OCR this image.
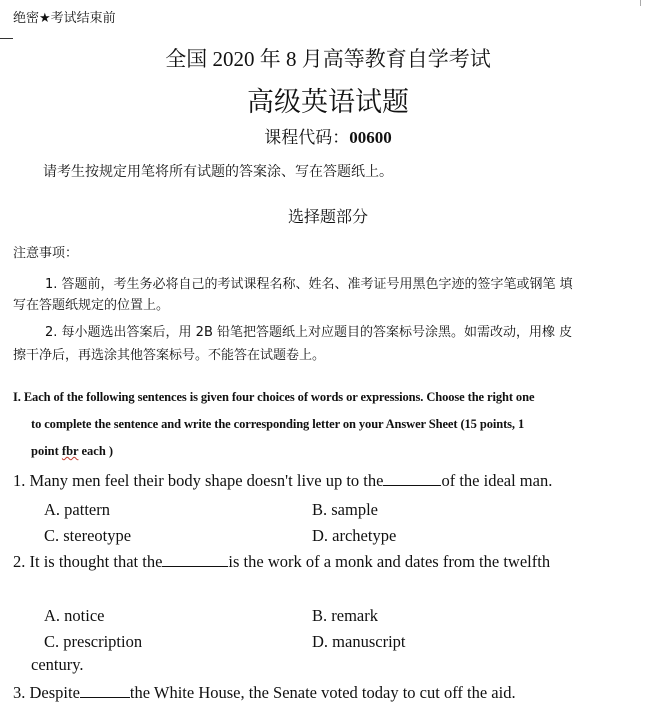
绝密★考试结束前
全国 2020 年 8 月高等教育自学考试
高级英语试题
课程代码：00600
请考生按规定用笔将所有试题的答案涂、写在答题纸上。
选择题部分
注意事项：
1. 答题前，考生务必将自己的考试课程名称、姓名、准考证号用黑色字迹的签字笔或钢笔 填
写在答题纸规定的位置上。
2. 每小题选出答案后，用 2B 铅笔把答题纸上对应题目的答案标号涂黑。如需改动，用橡 皮
擦干净后，再选涂其他答案标号。不能答在试题卷上。
I. Each of the following sentences is given four choices of words or expressions. Choose the right one
to complete the sentence and write the corresponding letter on your Answer Sheet (15 points, 1
point fbr each )
1. Many men feel their body shape doesn't live up to the	of the ideal man.
A. pattern	B. sample
C. stereotype	D. archetype
2. It is thought that the	is the work of a monk and dates from the twelfth
A. notice	B. remark
C. prescription	D. manuscript
century.
3. Despite	the White House, the Senate voted today to cut off the aid.
